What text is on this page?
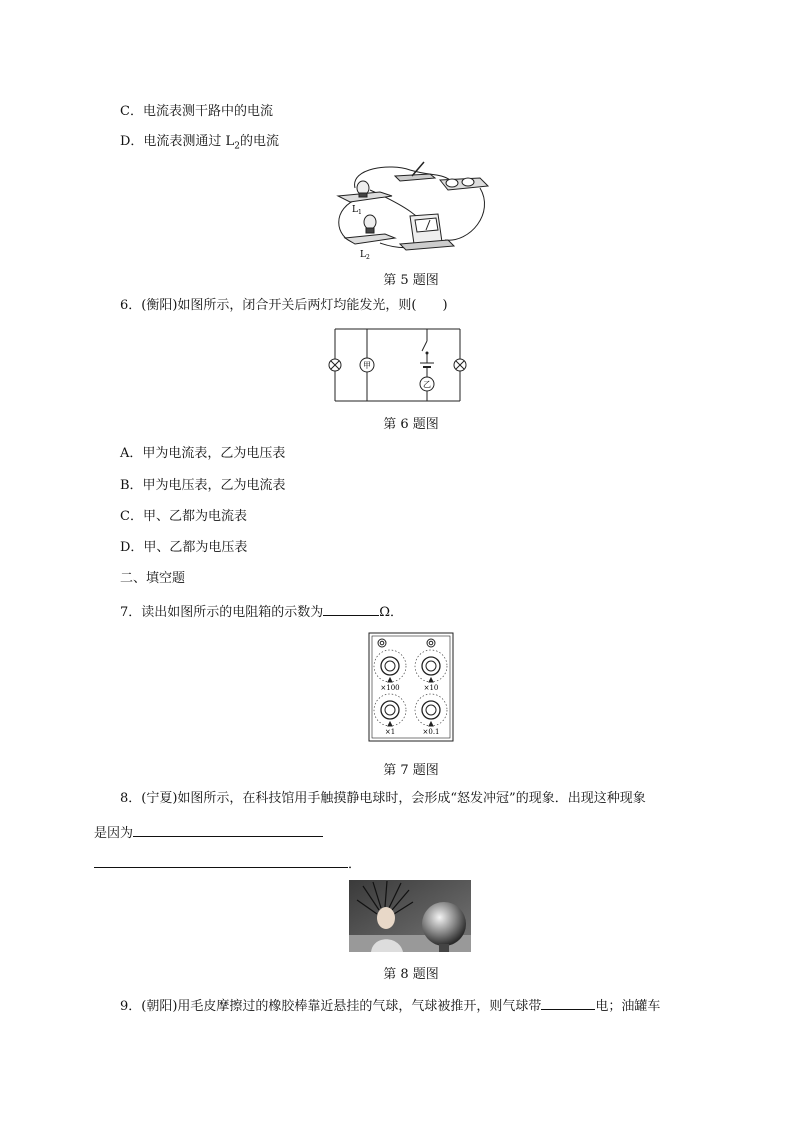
C．电流表测干路中的电流
D．电流表测通过 $L_2$的电流
$L_1$
$L_2$
第 5 题图
6．(衡阳)如图所示，闭合开关后两灯均能发光，则(　　)
甲
乙
第 6 题图
A．甲为电流表，乙为电压表
B．甲为电压表，乙为电流表
C．甲、乙都为电流表
D．甲、乙都为电压表
二、填空题
7．读出如图所示的电阻箱的示数为	Ω．
×100	×10
×1	×0.1
第 7 题图
8．(宁夏)如图所示，在科技馆用手触摸静电球时，会形成“怒发冲冠”的现象．出现这种现象
是因为
．
第 8 题图
9．(朝阳)用毛皮摩擦过的橡胶棒靠近悬挂的气球，气球被推开，则气球带	电；油罐车
